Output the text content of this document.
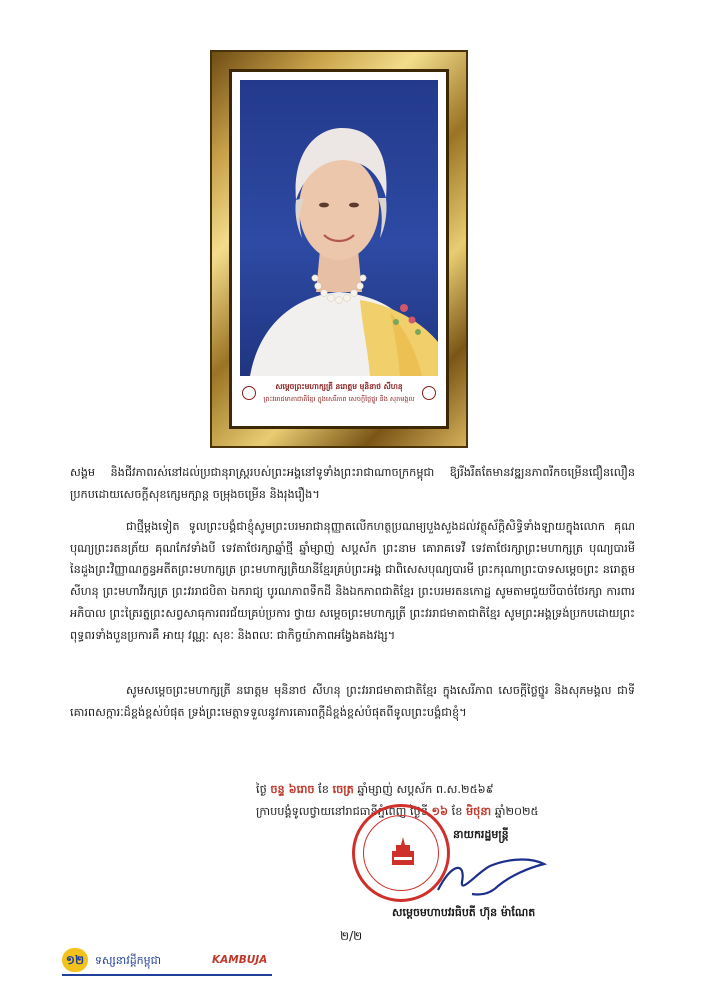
សម្ដេចព្រះមហាក្សត្រី នរោត្តម មុនិនាថ សីហនុ
ព្រះវររាជមាតាជាតិខ្មែរ ក្នុងសេរីភាព សេចក្ដីថ្លៃថ្នូរ និង សុភមង្គល
សង្គម និងជីវភាពរស់នៅដល់ប្រជានុរាស្ត្ររបស់ព្រះអង្គនៅទូទាំងព្រះរាជាណាចក្រកម្ពុជា ឱ្យរីងរឹតតែមានវឌ្ឍនភាពរីកចម្រើនជឿនលឿន ប្រកបដោយសេចក្ដីសុខក្សេមក្សាន្ត ចម្រុងចម្រើន និងរុងរឿង។
ជាថ្មីម្ដងទៀត ទូលព្រះបង្គំជាខ្ញុំសូមព្រះបរមរាជានុញ្ញាតលើកហត្ថប្រណម្យបួងសួងដល់វត្ថុស័ក្ដិសិទ្ធិទាំងឡាយក្នុងលោក គុណបុណ្យព្រះរតនត្រ័យ គុណកែវទាំងបី ទេវតាថែរក្សាឆ្នាំថ្មី ឆ្នាំម្សាញ់ សប្តស័ក ព្រះនាម គោរាគទេវី ទេវតាថែរក្សាព្រះមហាក្សត្រ បុណ្យបារមីនៃដួងព្រះវិញ្ញាណក្ខន្ធអតីតព្រះមហាក្សត្រ ព្រះមហាក្សត្រិយានីខ្មែរគ្រប់ព្រះអង្គ ជាពិសេសបុណ្យបារមី ព្រះករុណាព្រះបាទសម្ដេចព្រះ នរោត្តម សីហនុ ព្រះមហាវីរក្សត្រ ព្រះវររាជបិតា ឯករាជ្យ បូរណភាពទឹកដី និងឯកភាពជាតិខ្មែរ ព្រះបរមរតនកោដ្ឋ សូមតាមជួយបីបាច់ថែរក្សា ការពារ អភិបាល ព្រះត្រៃរត្នព្រះសព្វសាធុការពរជ័យគ្រប់ប្រការ ថ្វាយ សម្ដេចព្រះមហាក្សត្រី ព្រះវររាជមាតាជាតិខ្មែរ សូមព្រះអង្គទ្រង់ប្រកបដោយព្រះពុទ្ធពរទាំងបួនប្រការគឺ អាយុ វណ្ណៈ សុខៈ និងពលៈ ជាកិច្ចយ៉ាភាពអង្វែងគងវង្ស។
សូមសម្ដេចព្រះមហាក្សត្រី នរោត្តម មុនិនាថ សីហនុ ព្រះវររាជមាតាជាតិខ្មែរ ក្នុងសេរីភាព សេចក្ដីថ្លៃថ្នូរ និងសុភមង្គល ជាទីគោរពសក្ការៈដ៏ខ្ពង់ខ្ពស់បំផុត ទ្រង់ព្រះមេត្តាទទួលនូវការគោរពក្តីដ៏ខ្ពង់ខ្ពស់បំផុតពីទូលព្រះបង្គំជាខ្ញុំ។
ថ្ងៃ ចន្ទ ៦រោច ខែ ចេត្រ ឆ្នាំម្សាញ់ សប្តស័ក ព.ស.២៥៦៩
ក្រាបបង្គំទូលថ្វាយនៅរាជធានីភ្នំពេញ ថ្ងៃទី ១៦ ខែ មិថុនា ឆ្នាំ២០២៥
នាយករដ្ឋមន្ត្រី
សម្ដេចមហាបវរធិបតី ហ៊ុន ម៉ាណែត
២/២
១២ ទស្សនាវដ្ដីកម្ពុជា	KAMBUJA
